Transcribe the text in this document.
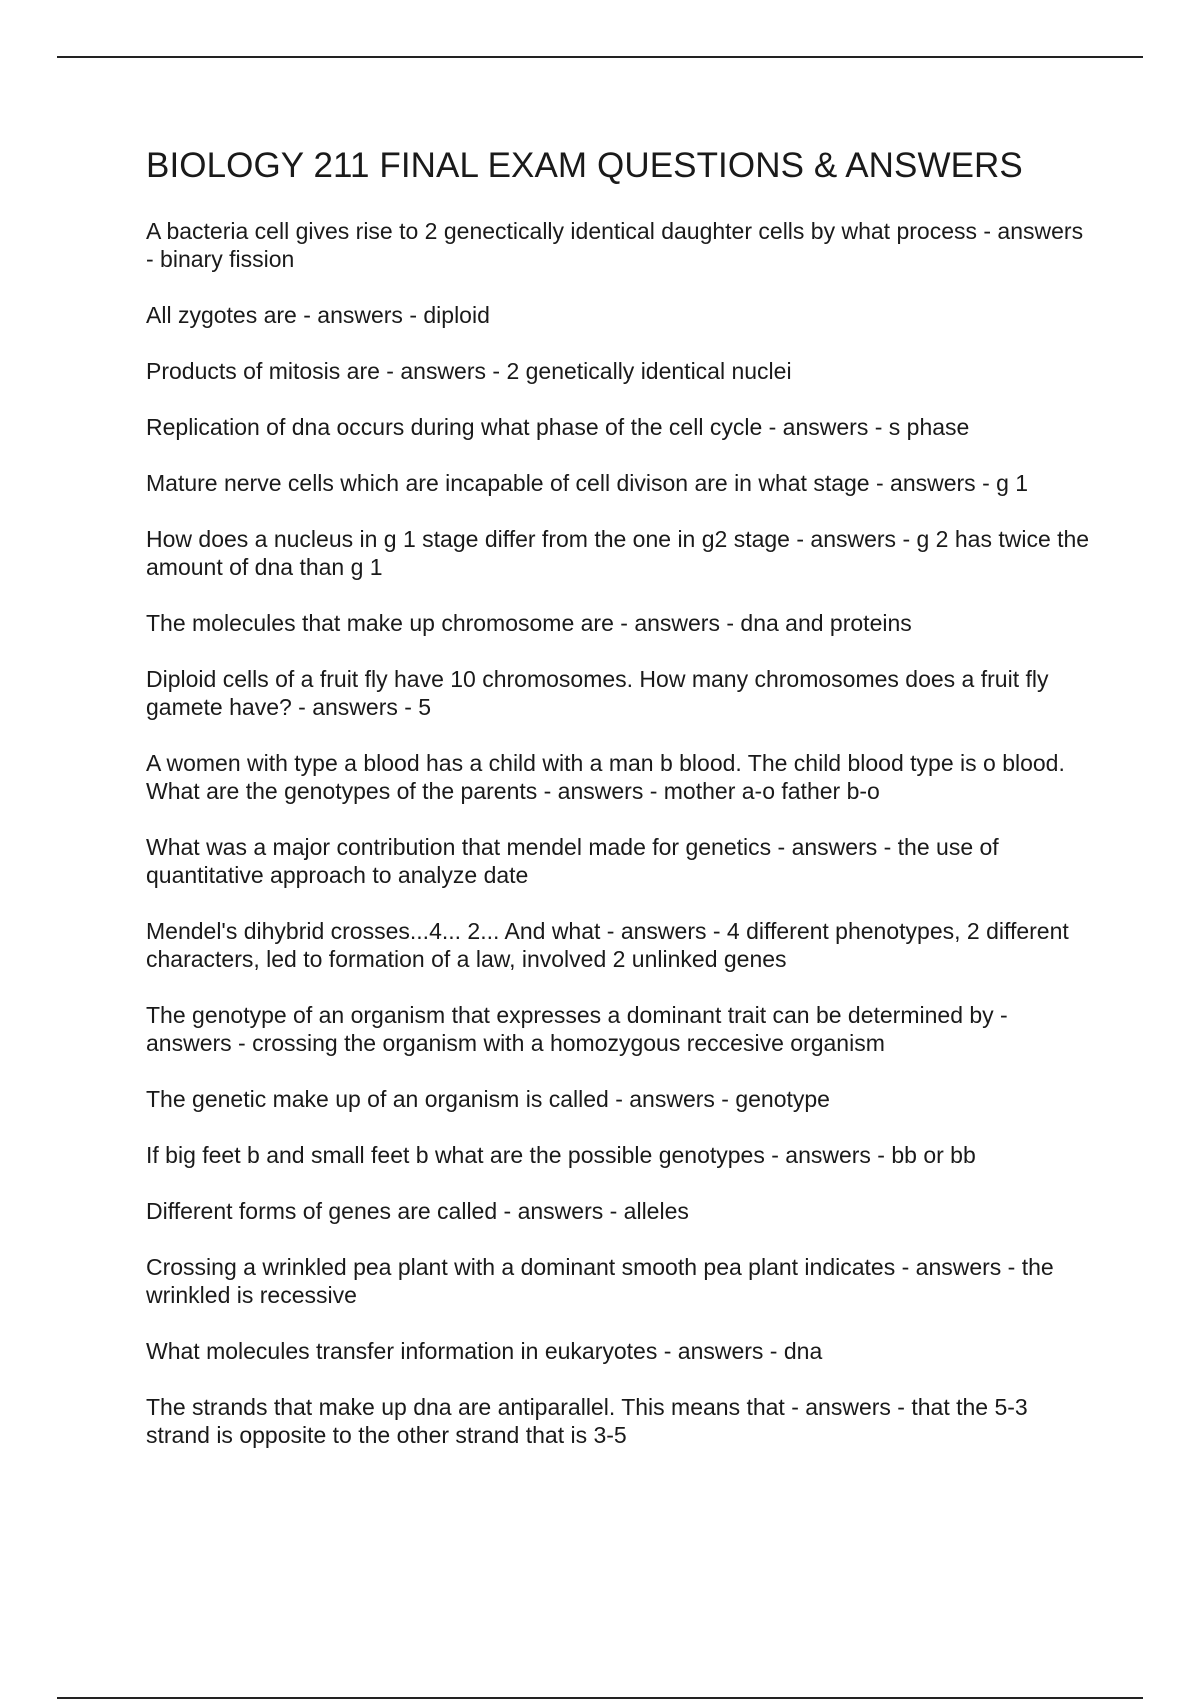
BIOLOGY 211 FINAL EXAM QUESTIONS & ANSWERS
A bacteria cell gives rise to 2 genectically identical daughter cells by what process - answers - binary fission
All zygotes are - answers - diploid
Products of mitosis are - answers - 2 genetically identical nuclei
Replication of dna occurs during what phase of the cell cycle - answers - s phase
Mature nerve cells which are incapable of cell divison are in what stage - answers - g 1
How does a nucleus in g 1 stage differ from the one in g2 stage - answers - g 2 has twice the amount of dna than g 1
The molecules that make up chromosome are - answers - dna and proteins
Diploid cells of a fruit fly have 10 chromosomes. How many chromosomes does a fruit fly gamete have? - answers - 5
A women with type a blood has a child with a man b blood. The child blood type is o blood. What are the genotypes of the parents - answers - mother a-o father b-o
What was a major contribution that mendel made for genetics - answers - the use of quantitative approach to analyze date
Mendel's dihybrid crosses...4... 2... And what - answers - 4 different phenotypes, 2 different characters, led to formation of a law, involved 2 unlinked genes
The genotype of an organism that expresses a dominant trait can be determined by - answers - crossing the organism with a homozygous reccesive organism
The genetic make up of an organism is called - answers - genotype
If big feet b and small feet b what are the possible genotypes - answers - bb or bb
Different forms of genes are called - answers - alleles
Crossing a wrinkled pea plant with a dominant smooth pea plant indicates - answers - the wrinkled is recessive
What molecules transfer information in eukaryotes - answers - dna
The strands that make up dna are antiparallel. This means that - answers - that the 5-3 strand is opposite to the other strand that is 3-5
